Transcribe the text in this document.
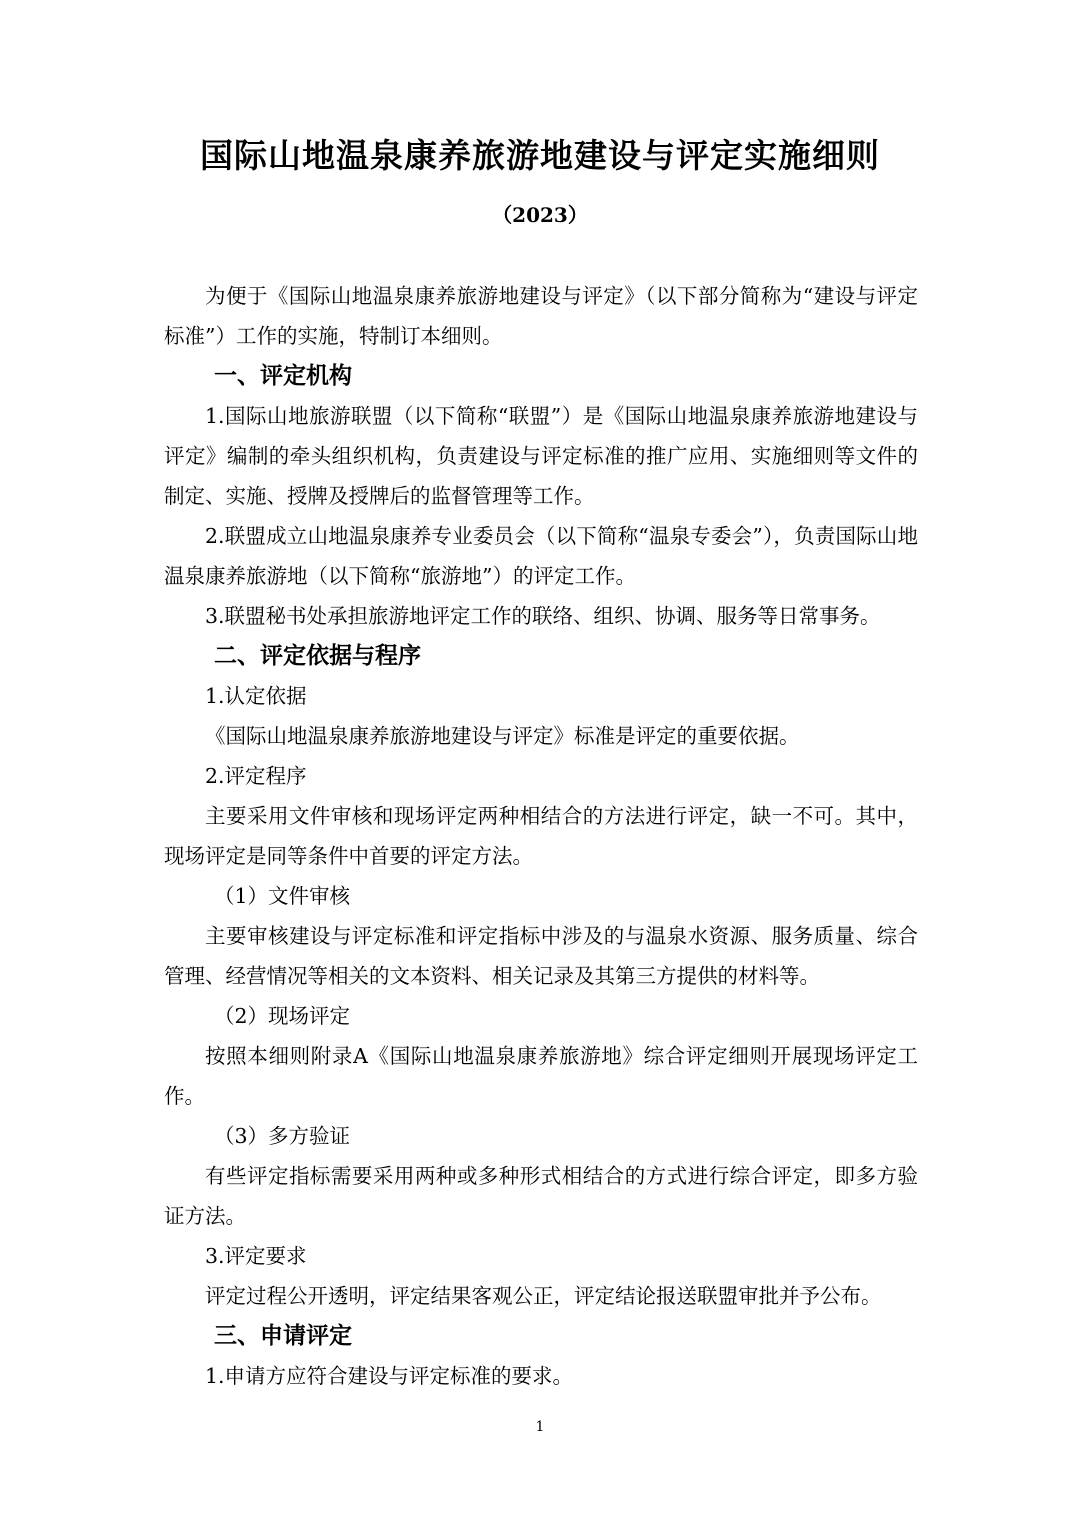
国际山地温泉康养旅游地建设与评定实施细则
（2023）

为便于《国际山地温泉康养旅游地建设与评定》（以下部分简称为“建设与评定标准”）工作的实施，特制订本细则。

一、评定机构

1.国际山地旅游联盟（以下简称“联盟”）是《国际山地温泉康养旅游地建设与评定》编制的牵头组织机构，负责建设与评定标准的推广应用、实施细则等文件的制定、实施、授牌及授牌后的监督管理等工作。

2.联盟成立山地温泉康养专业委员会（以下简称“温泉专委会”），负责国际山地温泉康养旅游地（以下简称“旅游地”）的评定工作。

3.联盟秘书处承担旅游地评定工作的联络、组织、协调、服务等日常事务。

二、评定依据与程序

1.认定依据

《国际山地温泉康养旅游地建设与评定》标准是评定的重要依据。

2.评定程序

主要采用文件审核和现场评定两种相结合的方法进行评定，缺一不可。其中，现场评定是同等条件中首要的评定方法。

（1）文件审核

主要审核建设与评定标准和评定指标中涉及的与温泉水资源、服务质量、综合管理、经营情况等相关的文本资料、相关记录及其第三方提供的材料等。

（2）现场评定

按照本细则附录A《国际山地温泉康养旅游地》综合评定细则开展现场评定工作。

（3）多方验证

有些评定指标需要采用两种或多种形式相结合的方式进行综合评定，即多方验证方法。

3.评定要求

评定过程公开透明，评定结果客观公正，评定结论报送联盟审批并予公布。

三、申请评定

1.申请方应符合建设与评定标准的要求。

1
